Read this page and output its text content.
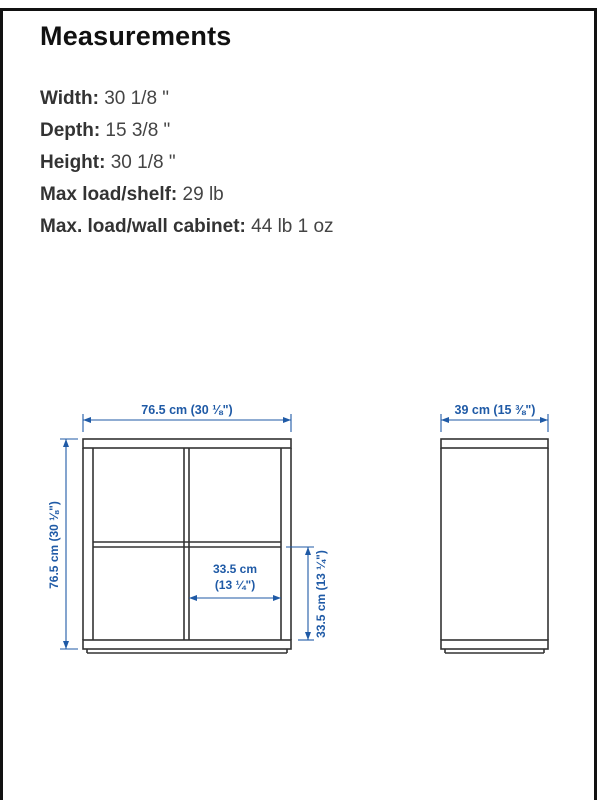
Measurements
Width: 30 1/8 "
Depth: 15 3/8 "
Height: 30 1/8 "
Max load/shelf: 29 lb
Max. load/wall cabinet: 44 lb 1 oz
76.5 cm (30 ⅛")
76.5 cm (30 ⅛")	33.5 cm
(13 ¼")	33.5 cm (13 ¼")
39 cm (15 ⅜")
